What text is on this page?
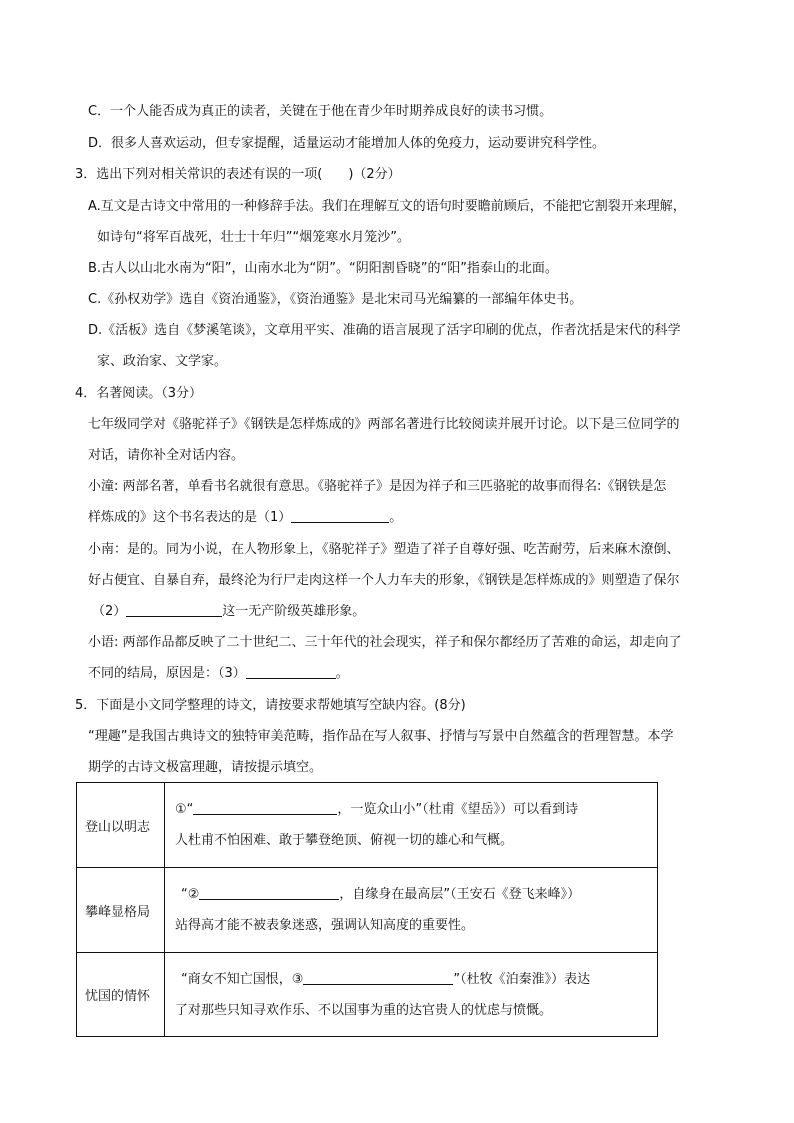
C．一个人能否成为真正的读者，关键在于他在青少年时期养成良好的读书习惯。
D．很多人喜欢运动，但专家提醒，适量运动才能增加人体的免疫力，运动要讲究科学性。
3．选出下列对相关常识的表述有误的一项(　　)（2分）
A.互文是古诗文中常用的一种修辞手法。我们在理解互文的语句时要瞻前顾后，不能把它割裂开来理解，
如诗句“将军百战死，壮士十年归”“烟笼寒水月笼沙”。
B.古人以山北水南为“阳”，山南水北为“阴”。“阴阳割昏晓”的“阳”指泰山的北面。
C.《孙权劝学》选自《资治通鉴》，《资治通鉴》是北宋司马光编纂的一部编年体史书。
D.《活板》选自《梦溪笔谈》，文章用平实、准确的语言展现了活字印刷的优点，作者沈括是宋代的科学
家、政治家、文学家。
4．名著阅读。（3分）
七年级同学对《骆驼祥子》《钢铁是怎样炼成的》两部名著进行比较阅读并展开讨论。以下是三位同学的
对话，请你补全对话内容。
小潼: 两部名著，单看书名就很有意思。《骆驼祥子》是因为祥子和三匹骆驼的故事而得名:《钢铁是怎
样炼成的》这个书名表达的是（1）	。
小南：是的。同为小说，在人物形象上，《骆驼祥子》塑造了祥子自尊好强、吃苦耐劳，后来麻木潦倒、
好占便宜、自暴自弃，最终沦为行尸走肉这样一个人力车夫的形象，《钢铁是怎样炼成的》则塑造了保尔
（2）	这一无产阶级英雄形象。
小语: 两部作品都反映了二十世纪二、三十年代的社会现实，祥子和保尔都经历了苦难的命运，却走向了
不同的结局，原因是：（3）	。
5．下面是小文同学整理的诗文，请按要求帮她填写空缺内容。(8分)
“理趣”是我国古典诗文的独特审美范畴，指作品在写人叙事、抒情与写景中自然蕴含的哲理智慧。本学
期学的古诗文极富理趣，请按提示填空。
登山以明志	①“ ，一览众山小”（杜甫《望岳》）可以看到诗
人杜甫不怕困难、敢于攀登绝顶、俯视一切的雄心和气概。

攀峰显格局	“② ，自缘身在最高层”（王安石《登飞来峰》）
站得高才能不被表象迷惑，强调认知高度的重要性。

忧国的情怀	“商女不知亡国恨，③ ”（杜牧《泊秦淮》）表达
了对那些只知寻欢作乐、不以国事为重的达官贵人的忧虑与愤慨。
